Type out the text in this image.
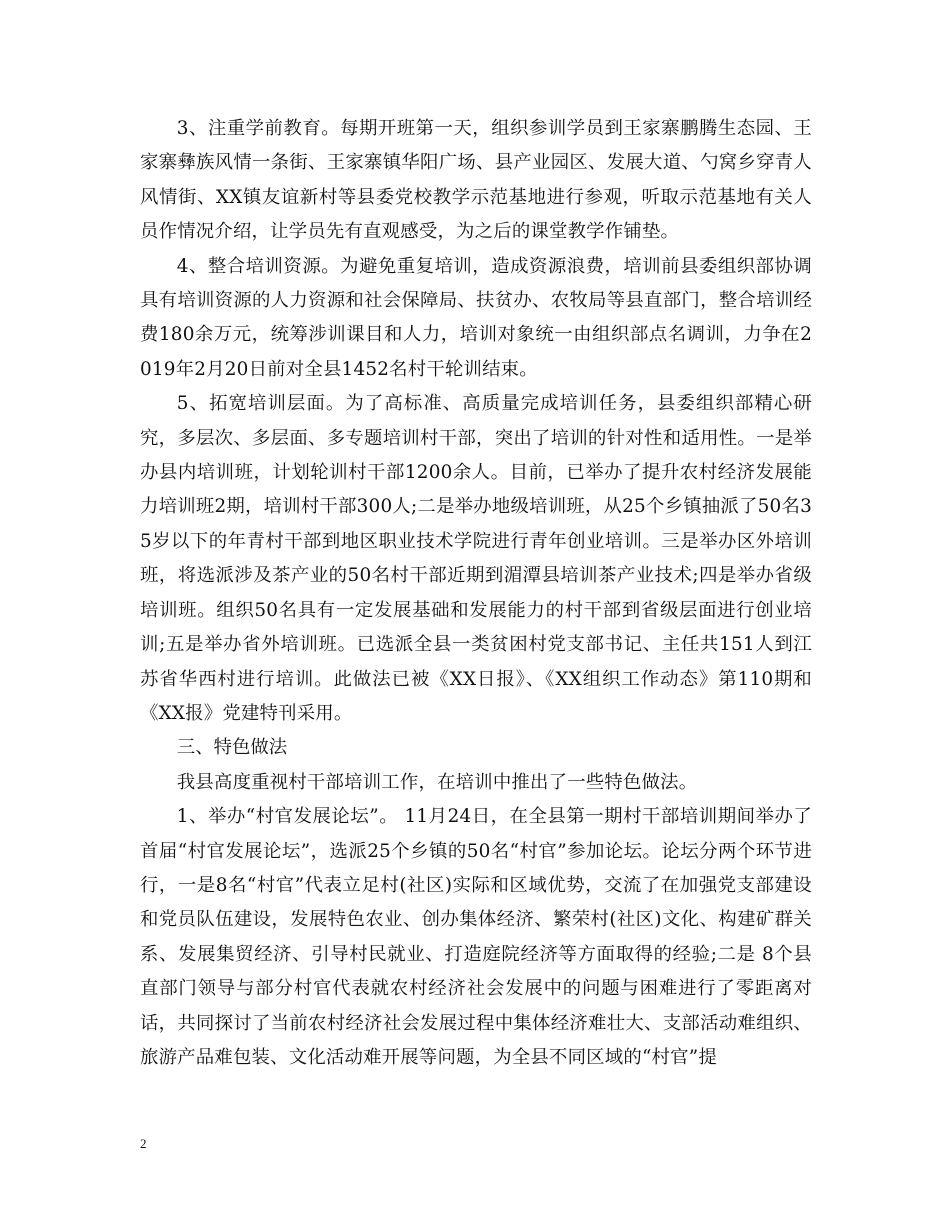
3、注重学前教育。每期开班第一天，组织参训学员到王家寨鹏腾生态园、王家寨彝族风情一条街、王家寨镇华阳广场、县产业园区、发展大道、勺窝乡穿青人风情街、XX镇友谊新村等县委党校教学示范基地进行参观，听取示范基地有关人员作情况介绍，让学员先有直观感受，为之后的课堂教学作铺垫。

4、整合培训资源。为避免重复培训，造成资源浪费，培训前县委组织部协调具有培训资源的人力资源和社会保障局、扶贫办、农牧局等县直部门，整合培训经费180余万元，统筹涉训课目和人力，培训对象统一由组织部点名调训，力争在2019年2月20日前对全县1452名村干轮训结束。

5、拓宽培训层面。为了高标准、高质量完成培训任务，县委组织部精心研究，多层次、多层面、多专题培训村干部，突出了培训的针对性和适用性。一是举办县内培训班，计划轮训村干部1200余人。目前，已举办了提升农村经济发展能力培训班2期，培训村干部300人;二是举办地级培训班，从25个乡镇抽派了50名35岁以下的年青村干部到地区职业技术学院进行青年创业培训。三是举办区外培训班，将选派涉及茶产业的50名村干部近期到湄潭县培训茶产业技术;四是举办省级培训班。组织50名具有一定发展基础和发展能力的村干部到省级层面进行创业培训;五是举办省外培训班。已选派全县一类贫困村党支部书记、主任共151人到江苏省华西村进行培训。此做法已被《XX日报》、《XX组织工作动态》第110期和《XX报》党建特刊采用。

三、特色做法

我县高度重视村干部培训工作，在培训中推出了一些特色做法。

1、举办“村官发展论坛”。 11月24日，在全县第一期村干部培训期间举办了首届“村官发展论坛”，选派25个乡镇的50名“村官”参加论坛。论坛分两个环节进行，一是8名“村官”代表立足村(社区)实际和区域优势，交流了在加强党支部建设和党员队伍建设，发展特色农业、创办集体经济、繁荣村(社区)文化、构建矿群关系、发展集贸经济、引导村民就业、打造庭院经济等方面取得的经验;二是 8个县直部门领导与部分村官代表就农村经济社会发展中的问题与困难进行了零距离对话，共同探讨了当前农村经济社会发展过程中集体经济难壮大、支部活动难组织、旅游产品难包装、文化活动难开展等问题，为全县不同区域的“村官”提

2
